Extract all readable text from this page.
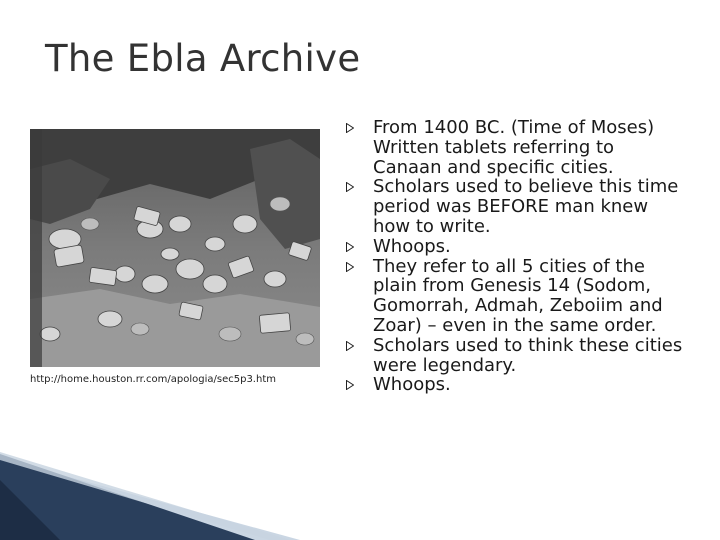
The Ebla Archive
http://home.houston.rr.com/apologia/sec5p3.htm
From 1400 BC. (Time of Moses) Written tablets referring to Canaan and specific cities.
Scholars used to believe this time period was BEFORE man knew how to write.
Whoops.
They refer to all 5 cities of the plain from Genesis 14 (Sodom, Gomorrah, Admah, Zeboiim and Zoar) – even in the same order.
Scholars used to think these cities were legendary.
Whoops.
